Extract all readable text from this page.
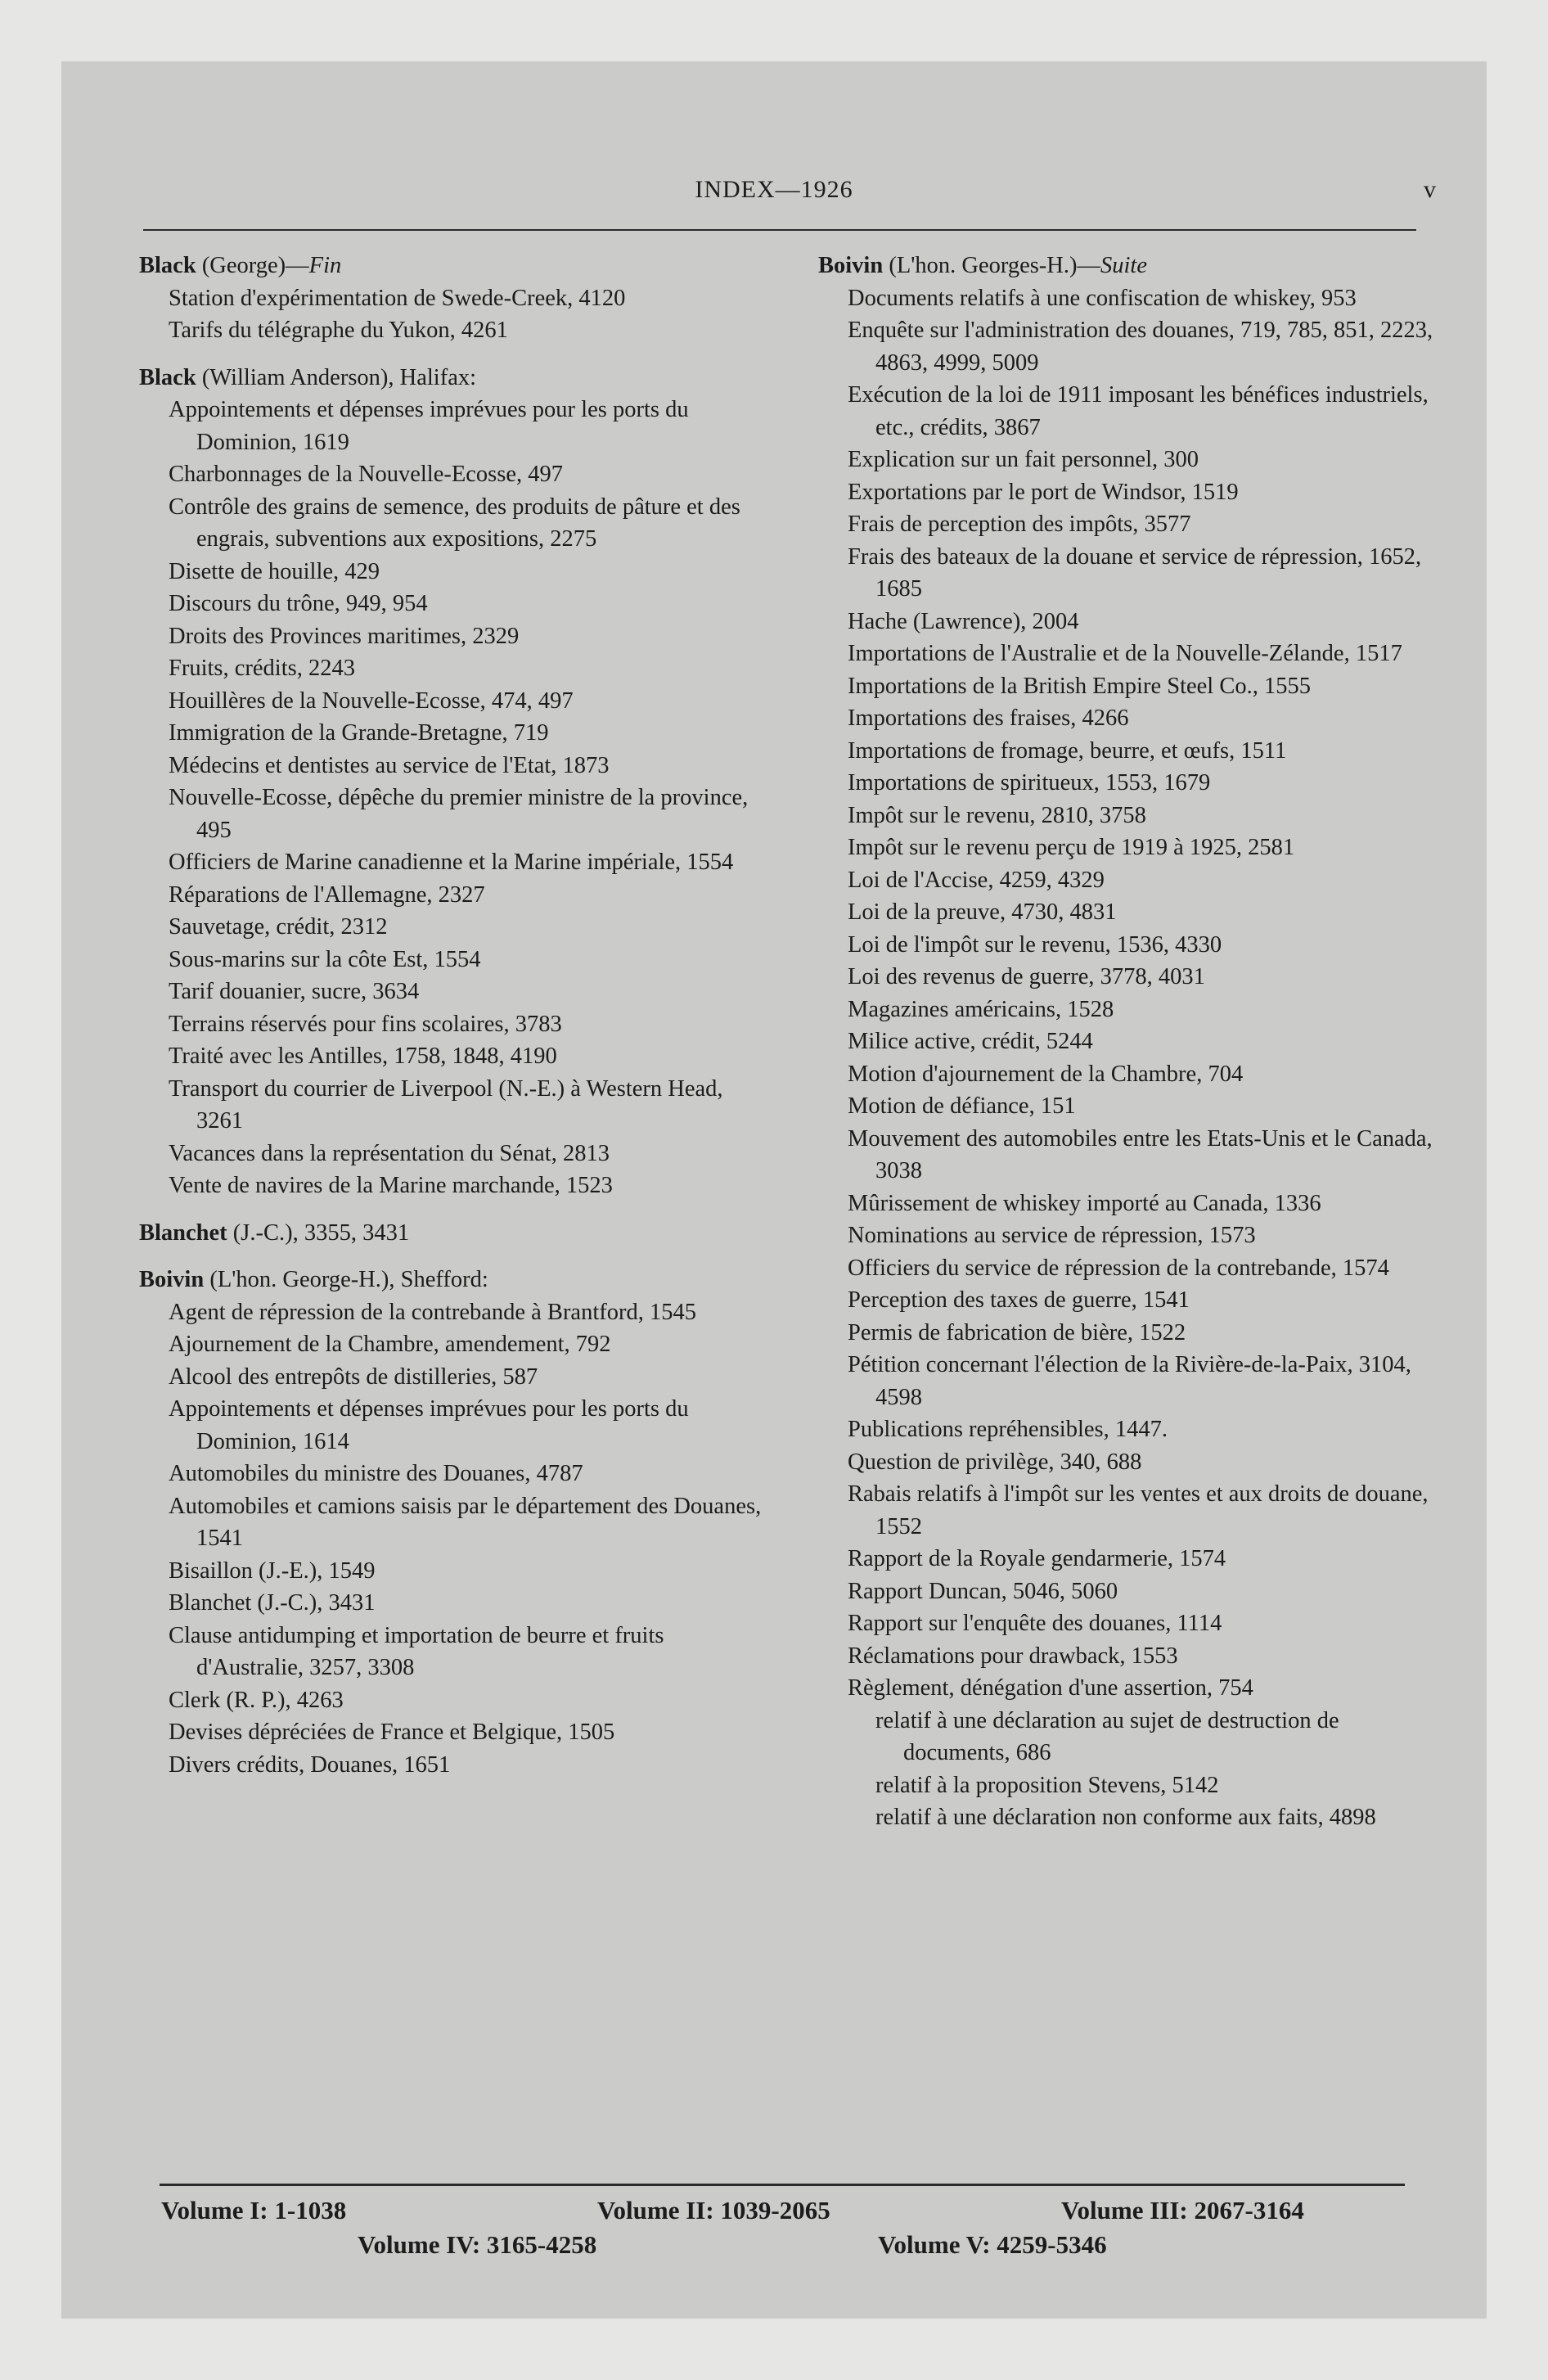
INDEX—1926	v
Black (George)—Fin
Station d'expérimentation de Swede-Creek, 4120
Tarifs du télégraphe du Yukon, 4261
Black (William Anderson), Halifax:
Appointements et dépenses imprévues pour les ports du Dominion, 1619
Charbonnages de la Nouvelle-Ecosse, 497
Contrôle des grains de semence, des produits de pâture et des engrais, subventions aux expositions, 2275
Disette de houille, 429
Discours du trône, 949, 954
Droits des Provinces maritimes, 2329
Fruits, crédits, 2243
Houillères de la Nouvelle-Ecosse, 474, 497
Immigration de la Grande-Bretagne, 719
Médecins et dentistes au service de l'Etat, 1873
Nouvelle-Ecosse, dépêche du premier ministre de la province, 495
Officiers de Marine canadienne et la Marine impériale, 1554
Réparations de l'Allemagne, 2327
Sauvetage, crédit, 2312
Sous-marins sur la côte Est, 1554
Tarif douanier, sucre, 3634
Terrains réservés pour fins scolaires, 3783
Traité avec les Antilles, 1758, 1848, 4190
Transport du courrier de Liverpool (N.-E.) à Western Head, 3261
Vacances dans la représentation du Sénat, 2813
Vente de navires de la Marine marchande, 1523
Blanchet (J.-C.), 3355, 3431
Boivin (L'hon. George-H.), Shefford:
Agent de répression de la contrebande à Brantford, 1545
Ajournement de la Chambre, amendement, 792
Alcool des entrepôts de distilleries, 587
Appointements et dépenses imprévues pour les ports du Dominion, 1614
Automobiles du ministre des Douanes, 4787
Automobiles et camions saisis par le département des Douanes, 1541
Bisaillon (J.-E.), 1549
Blanchet (J.-C.), 3431
Clause antidumping et importation de beurre et fruits d'Australie, 3257, 3308
Clerk (R. P.), 4263
Devises dépréciées de France et Belgique, 1505
Divers crédits, Douanes, 1651
Boivin (L'hon. Georges-H.)—Suite
Documents relatifs à une confiscation de whiskey, 953
Enquête sur l'administration des douanes, 719, 785, 851, 2223, 4863, 4999, 5009
Exécution de la loi de 1911 imposant les bénéfices industriels, etc., crédits, 3867
Explication sur un fait personnel, 300
Exportations par le port de Windsor, 1519
Frais de perception des impôts, 3577
Frais des bateaux de la douane et service de répression, 1652, 1685
Hache (Lawrence), 2004
Importations de l'Australie et de la Nouvelle-Zélande, 1517
Importations de la British Empire Steel Co., 1555
Importations des fraises, 4266
Importations de fromage, beurre, et œufs, 1511
Importations de spiritueux, 1553, 1679
Impôt sur le revenu, 2810, 3758
Impôt sur le revenu perçu de 1919 à 1925, 2581
Loi de l'Accise, 4259, 4329
Loi de la preuve, 4730, 4831
Loi de l'impôt sur le revenu, 1536, 4330
Loi des revenus de guerre, 3778, 4031
Magazines américains, 1528
Milice active, crédit, 5244
Motion d'ajournement de la Chambre, 704
Motion de défiance, 151
Mouvement des automobiles entre les Etats-Unis et le Canada, 3038
Mûrissement de whiskey importé au Canada, 1336
Nominations au service de répression, 1573
Officiers du service de répression de la contrebande, 1574
Perception des taxes de guerre, 1541
Permis de fabrication de bière, 1522
Pétition concernant l'élection de la Rivière-de-la-Paix, 3104, 4598
Publications repréhensibles, 1447.
Question de privilège, 340, 688
Rabais relatifs à l'impôt sur les ventes et aux droits de douane, 1552
Rapport de la Royale gendarmerie, 1574
Rapport Duncan, 5046, 5060
Rapport sur l'enquête des douanes, 1114
Réclamations pour drawback, 1553
Règlement, dénégation d'une assertion, 754
relatif à une déclaration au sujet de destruction de documents, 686
relatif à la proposition Stevens, 5142
relatif à une déclaration non conforme aux faits, 4898
Volume I: 1-1038	Volume II: 1039-2065	Volume III: 2067-3164
Volume IV: 3165-4258	Volume V: 4259-5346
